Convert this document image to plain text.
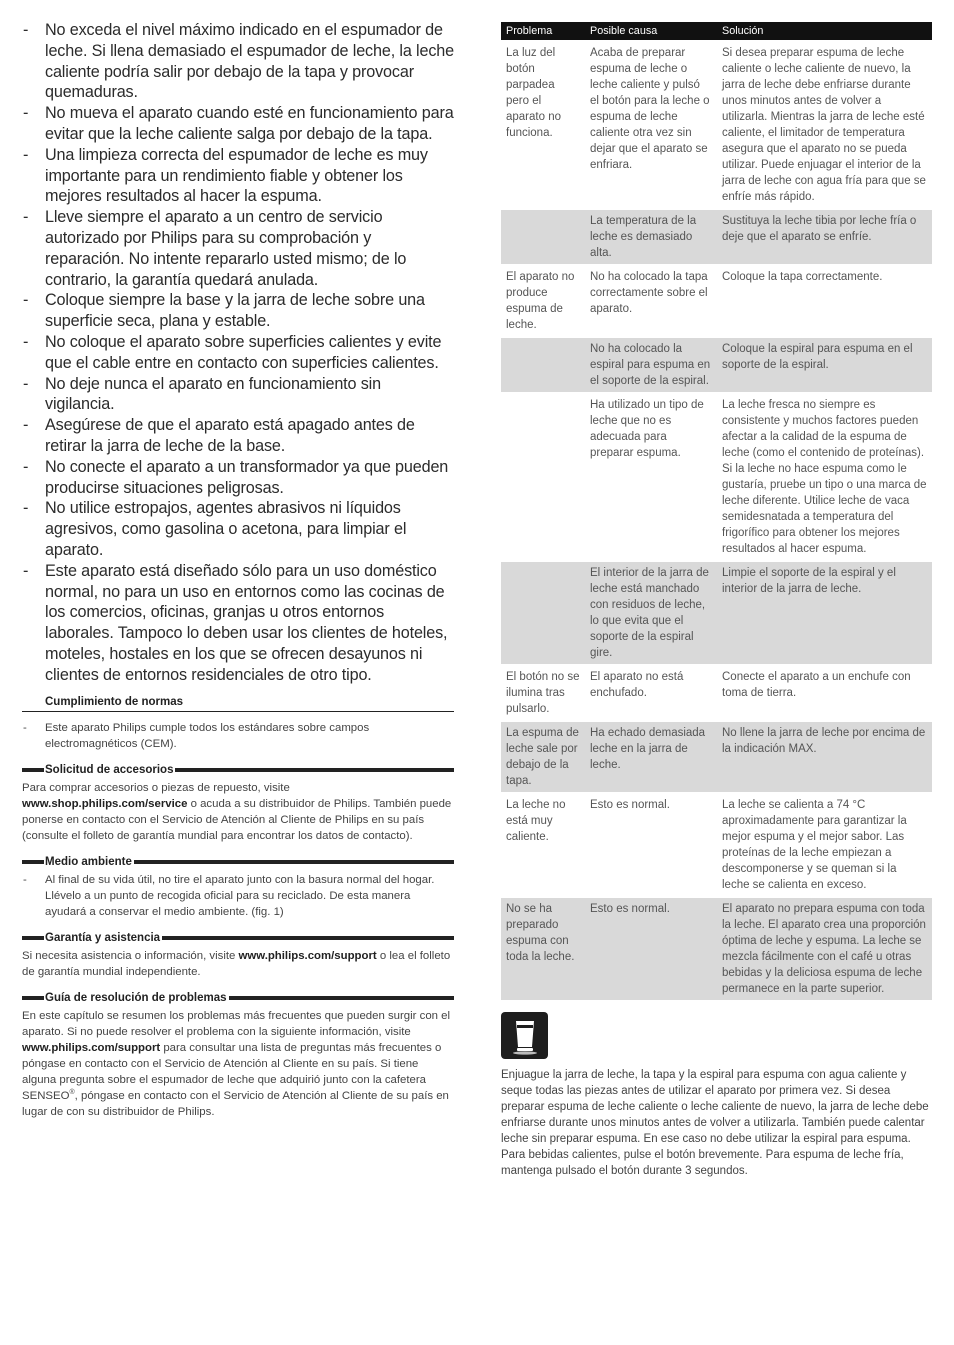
- No exceda el nivel máximo indicado en el espumador de leche. Si llena demasiado el espumador de leche, la leche caliente podría salir por debajo de la tapa y provocar quemaduras.
- No mueva el aparato cuando esté en funcionamiento para evitar que la leche caliente salga por debajo de la tapa.
- Una limpieza correcta del espumador de leche es muy importante para un rendimiento fiable y obtener los mejores resultados al hacer la espuma.
- Lleve siempre el aparato a un centro de servicio autorizado por Philips para su comprobación y reparación. No intente repararlo usted mismo; de lo contrario, la garantía quedará anulada.
- Coloque siempre la base y la jarra de leche sobre una superficie seca, plana y estable.
- No coloque el aparato sobre superficies calientes y evite que el cable entre en contacto con superficies calientes.
- No deje nunca el aparato en funcionamiento sin vigilancia.
- Asegúrese de que el aparato está apagado antes de retirar la jarra de leche de la base.
- No conecte el aparato a un transformador ya que pueden producirse situaciones peligrosas.
- No utilice estropajos, agentes abrasivos ni líquidos agresivos, como gasolina o acetona, para limpiar el aparato.
- Este aparato está diseñado sólo para un uso doméstico normal, no para un uso en entornos como las cocinas de los comercios, oficinas, granjas u otros entornos laborales. Tampoco lo deben usar los clientes de hoteles, moteles, hostales en los que se ofrecen desayunos ni clientes de entornos residenciales de otro tipo.
Cumplimiento de normas
- Este aparato Philips cumple todos los estándares sobre campos electromagnéticos (CEM).
Solicitud de accesorios

Para comprar accesorios o piezas de repuesto, visite www.shop.philips.com/service o acuda a su distribuidor de Philips. También puede ponerse en contacto con el Servicio de Atención al Cliente de Philips en su país (consulte el folleto de garantía mundial para encontrar los datos de contacto).

Medio ambiente
- Al final de su vida útil, no tire el aparato junto con la basura normal del hogar. Llévelo a un punto de recogida oficial para su reciclado. De esta manera ayudará a conservar el medio ambiente. (fig. 1)
Garantía y asistencia

Si necesita asistencia o información, visite www.philips.com/support o lea el folleto de garantía mundial independiente.

Guía de resolución de problemas

En este capítulo se resumen los problemas más frecuentes que pueden surgir con el aparato. Si no puede resolver el problema con la siguiente información, visite www.philips.com/support para consultar una lista de preguntas más frecuentes o póngase en contacto con el Servicio de Atención al Cliente en su país. Si tiene alguna pregunta sobre el espumador de leche que adquirió junto con la cafetera SENSEO®, póngase en contacto con el Servicio de Atención al Cliente de su país en lugar de con su distribuidor de Philips.

Problema	Posible causa	Solución
La luz del botón parpadea pero el aparato no funciona.	Acaba de preparar espuma de leche o leche caliente y pulsó el botón para la leche o espuma de leche caliente otra vez sin dejar que el aparato se enfriara.	Si desea preparar espuma de leche caliente o leche caliente de nuevo, la jarra de leche debe enfriarse durante unos minutos antes de volver a utilizarla. Mientras la jarra de leche esté caliente, el limitador de temperatura asegura que el aparato no se pueda utilizar. Puede enjuagar el interior de la jarra de leche con agua fría para que se enfríe más rápido.
	La temperatura de la leche es demasiado alta.	Sustituya la leche tibia por leche fría o deje que el aparato se enfríe.
El aparato no produce espuma de leche.	No ha colocado la tapa correctamente sobre el aparato.	Coloque la tapa correctamente.
	No ha colocado la espiral para espuma en el soporte de la espiral.	Coloque la espiral para espuma en el soporte de la espiral.
	Ha utilizado un tipo de leche que no es adecuada para preparar espuma.	La leche fresca no siempre es consistente y muchos factores pueden afectar a la calidad de la espuma de leche (como el contenido de proteínas). Si la leche no hace espuma como le gustaría, pruebe un tipo o una marca de leche diferente. Utilice leche de vaca semidesnatada a temperatura del frigorífico para obtener los mejores resultados al hacer espuma.
	El interior de la jarra de leche está manchado con residuos de leche, lo que evita que el soporte de la espiral gire.	Limpie el soporte de la espiral y el interior de la jarra de leche.
El botón no se ilumina tras pulsarlo.	El aparato no está enchufado.	Conecte el aparato a un enchufe con toma de tierra.
La espuma de leche sale por debajo de la tapa.	Ha echado demasiada leche en la jarra de leche.	No llene la jarra de leche por encima de la indicación MAX.
La leche no está muy caliente.	Esto es normal.	La leche se calienta a 74 °C aproximadamente para garantizar la mejor espuma y el mejor sabor. Las proteínas de la leche empiezan a descomponerse y se queman si la leche se calienta en exceso.
No se ha preparado espuma con toda la leche.	Esto es normal.	El aparato no prepara espuma con toda la leche. El aparato crea una proporción óptima de leche y espuma. La leche se mezcla fácilmente con el café u otras bebidas y la deliciosa espuma de leche permanece en la parte superior.

Enjuague la jarra de leche, la tapa y la espiral para espuma con agua caliente y seque todas las piezas antes de utilizar el aparato por primera vez. Si desea preparar espuma de leche caliente o leche caliente de nuevo, la jarra de leche debe enfriarse durante unos minutos antes de volver a utilizarla. También puede calentar leche sin preparar espuma. En ese caso no debe utilizar la espiral para espuma. Para bebidas calientes, pulse el botón brevemente. Para espuma de leche fría, mantenga pulsado el botón durante 3 segundos.
